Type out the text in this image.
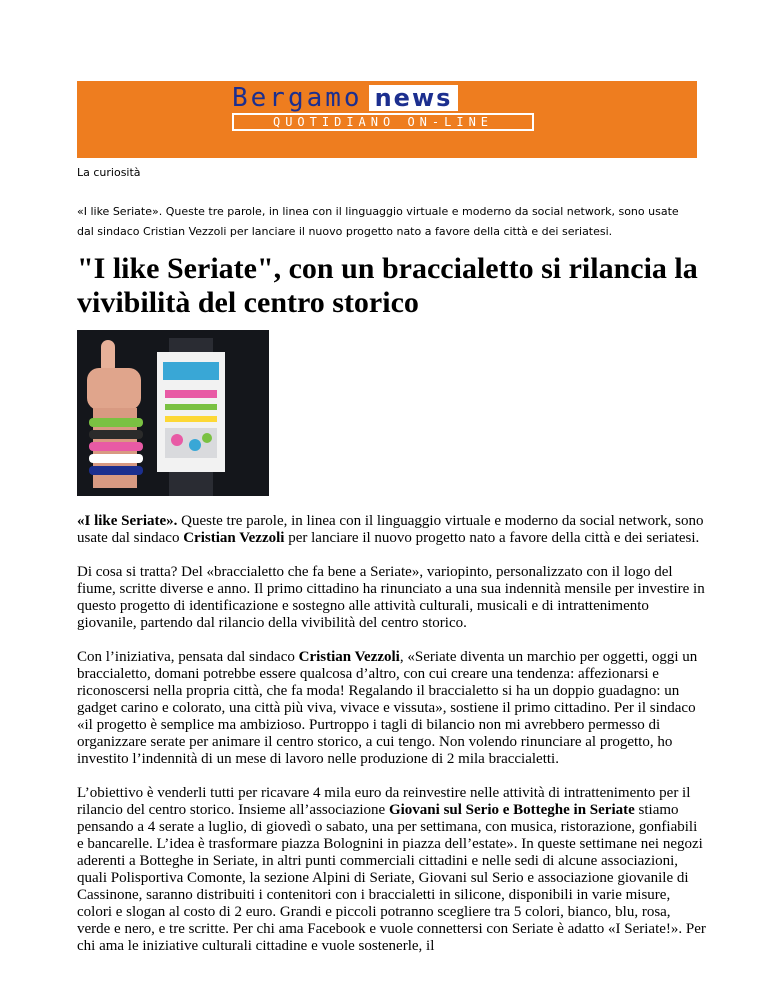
Bergamo news
QUOTIDIANO ON-LINE
La curiosità
«I like Seriate». Queste tre parole, in linea con il linguaggio virtuale e moderno da social network, sono usate dal sindaco Cristian Vezzoli per lanciare il nuovo progetto nato a favore della città e dei seriatesi.
"I like Seriate", con un braccialetto si rilancia la vivibilità del centro storico

«I like Seriate». Queste tre parole, in linea con il linguaggio virtuale e moderno da social network, sono usate dal sindaco Cristian Vezzoli per lanciare il nuovo progetto nato a favore della città e dei seriatesi.

Di cosa si tratta? Del «braccialetto che fa bene a Seriate», variopinto, personalizzato con il logo del fiume, scritte diverse e anno. Il primo cittadino ha rinunciato a una sua indennità mensile per investire in questo progetto di identificazione e sostegno alle attività culturali, musicali e di intrattenimento giovanile, partendo dal rilancio della vivibilità del centro storico.

Con l’iniziativa, pensata dal sindaco Cristian Vezzoli, «Seriate diventa un marchio per oggetti, oggi un braccialetto, domani potrebbe essere qualcosa d’altro, con cui creare una tendenza: affezionarsi e riconoscersi nella propria città, che fa moda! Regalando il braccialetto si ha un doppio guadagno: un gadget carino e colorato, una città più viva, vivace e vissuta», sostiene il primo cittadino. Per il sindaco «il progetto è semplice ma ambizioso. Purtroppo i tagli di bilancio non mi avrebbero permesso di organizzare serate per animare il centro storico, a cui tengo. Non volendo rinunciare al progetto, ho investito l’indennità di un mese di lavoro nelle produzione di 2 mila braccialetti.

L’obiettivo è venderli tutti per ricavare 4 mila euro da reinvestire nelle attività di intrattenimento per il rilancio del centro storico. Insieme all’associazione Giovani sul Serio e Botteghe in Seriate stiamo pensando a 4 serate a luglio, di giovedì o sabato, una per settimana, con musica, ristorazione, gonfiabili e bancarelle. L’idea è trasformare piazza Bolognini in piazza dell’estate». In queste settimane nei negozi aderenti a Botteghe in Seriate, in altri punti commerciali cittadini e nelle sedi di alcune associazioni, quali Polisportiva Comonte, la sezione Alpini di Seriate, Giovani sul Serio e associazione giovanile di Cassinone, saranno distribuiti i contenitori con i braccialetti in silicone, disponibili in varie misure, colori e slogan al costo di 2 euro. Grandi e piccoli potranno scegliere tra 5 colori, bianco, blu, rosa, verde e nero, e tre scritte. Per chi ama Facebook e vuole connettersi con Seriate è adatto «I Seriate!». Per chi ama le iniziative culturali cittadine e vuole sostenerle, il
